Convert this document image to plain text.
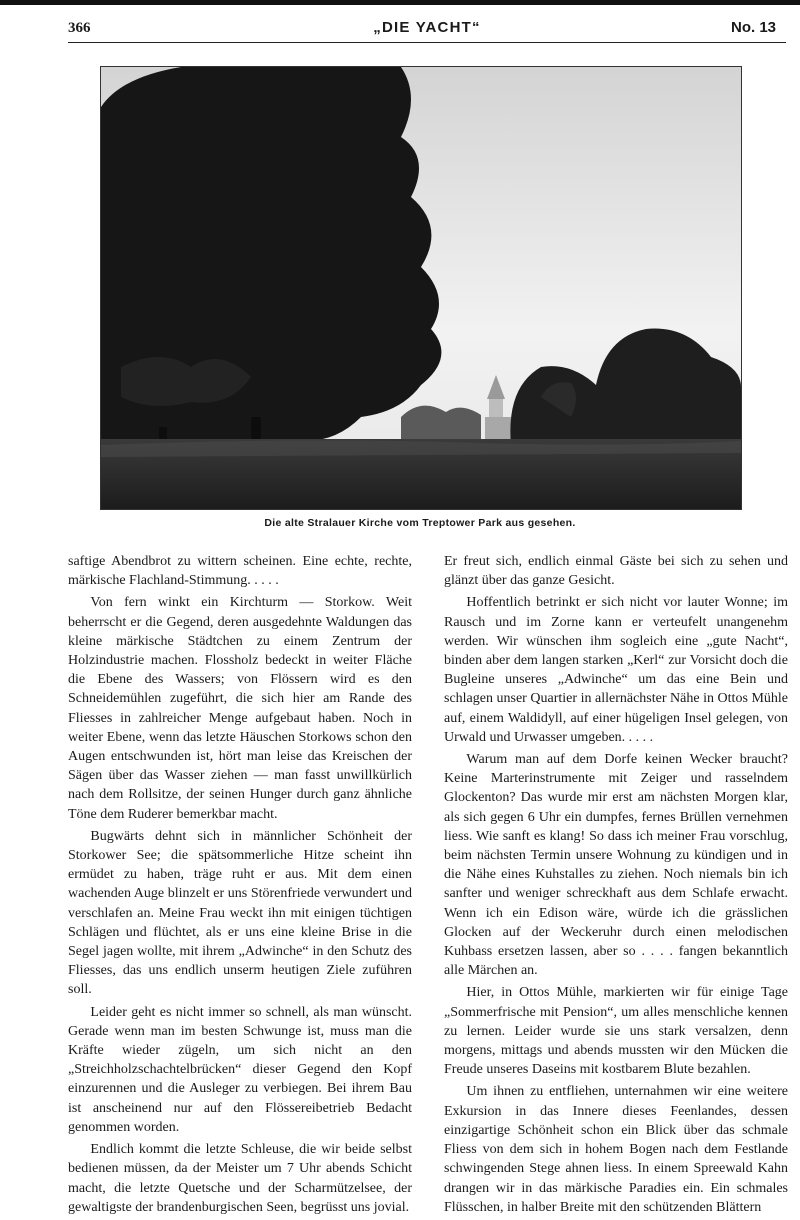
366	„DIE YACHT“	No. 13
Die alte Stralauer Kirche vom Treptower Park aus gesehen.

saftige Abendbrot zu wittern scheinen. Eine echte, rechte, märkische Flachland-Stimmung. . . . .

Von fern winkt ein Kirchturm — Storkow. Weit beherrscht er die Gegend, deren ausgedehnte Waldungen das kleine märkische Städtchen zu einem Zentrum der Holzindustrie machen. Flossholz bedeckt in weiter Fläche die Ebene des Wassers; von Flössern wird es den Schneidemühlen zugeführt, die sich hier am Rande des Fliesses in zahlreicher Menge aufgebaut haben. Noch in weiter Ebene, wenn das letzte Häuschen Storkows schon den Augen entschwunden ist, hört man leise das Kreischen der Sägen über das Wasser ziehen — man fasst unwillkürlich nach dem Rollsitze, der seinen Hunger durch ganz ähnliche Töne dem Ruderer bemerkbar macht.

Bugwärts dehnt sich in männlicher Schönheit der Storkower See; die spätsommerliche Hitze scheint ihn ermüdet zu haben, träge ruht er aus. Mit dem einen wachenden Auge blinzelt er uns Störenfriede verwundert und verschlafen an. Meine Frau weckt ihn mit einigen tüchtigen Schlägen und flüchtet, als er uns eine kleine Brise in die Segel jagen wollte, mit ihrem „Adwinche“ in den Schutz des Fliesses, das uns endlich unserm heutigen Ziele zuführen soll.

Leider geht es nicht immer so schnell, als man wünscht. Gerade wenn man im besten Schwunge ist, muss man die Kräfte wieder zügeln, um sich nicht an den „Streichholzschachtelbrücken“ dieser Gegend den Kopf einzurennen und die Ausleger zu verbiegen. Bei ihrem Bau ist anscheinend nur auf den Flössereibetrieb Bedacht genommen worden.

Endlich kommt die letzte Schleuse, die wir beide selbst bedienen müssen, da der Meister um 7 Uhr abends Schicht macht, die letzte Quetsche und der Scharmützelsee, der gewaltigste der brandenburgischen Seen, begrüsst uns jovial.

Er freut sich, endlich einmal Gäste bei sich zu sehen und glänzt über das ganze Gesicht.

Hoffentlich betrinkt er sich nicht vor lauter Wonne; im Rausch und im Zorne kann er verteufelt unangenehm werden. Wir wünschen ihm sogleich eine „gute Nacht“, binden aber dem langen starken „Kerl“ zur Vorsicht doch die Bugleine unseres „Adwinche“ um das eine Bein und schlagen unser Quartier in allernächster Nähe in Ottos Mühle auf, einem Waldidyll, auf einer hügeligen Insel gelegen, von Urwald und Urwasser umgeben. . . . .

Warum man auf dem Dorfe keinen Wecker braucht? Keine Marterinstrumente mit Zeiger und rasselndem Glockenton? Das wurde mir erst am nächsten Morgen klar, als sich gegen 6 Uhr ein dumpfes, fernes Brüllen vernehmen liess. Wie sanft es klang! So dass ich meiner Frau vorschlug, beim nächsten Termin unsere Wohnung zu kündigen und in die Nähe eines Kuhstalles zu ziehen. Noch niemals bin ich sanfter und weniger schreckhaft aus dem Schlafe erwacht. Wenn ich ein Edison wäre, würde ich die grässlichen Glocken auf der Weckeruhr durch einen melodischen Kuhbass ersetzen lassen, aber so . . . . fangen bekanntlich alle Märchen an.

Hier, in Ottos Mühle, markierten wir für einige Tage „Sommerfrische mit Pension“, um alles menschliche kennen zu lernen. Leider wurde sie uns stark versalzen, denn morgens, mittags und abends mussten wir den Mücken die Freude unseres Daseins mit kostbarem Blute bezahlen.

Um ihnen zu entfliehen, unternahmen wir eine weitere Exkursion in das Innere dieses Feenlandes, dessen einzigartige Schönheit schon ein Blick über das schmale Fliess von dem sich in hohem Bogen nach dem Festlande schwingenden Stege ahnen liess. In einem Spreewald Kahn drangen wir in das märkische Paradies ein. Ein schmales Flüsschen, in halber Breite mit den schützenden Blättern
